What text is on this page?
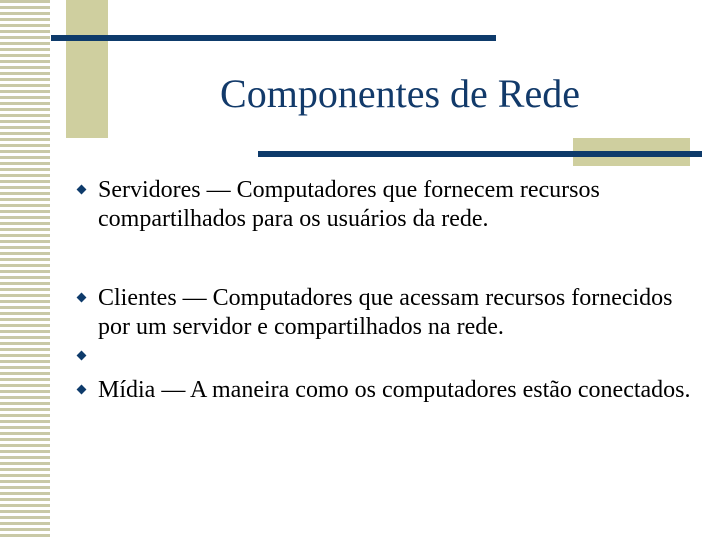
Componentes de Rede
Servidores — Computadores que fornecem recursos compartilhados para os usuários da rede.
Clientes — Computadores que acessam recursos fornecidos por um servidor e compartilhados na rede.
Mídia — A maneira como os computadores estão conectados.
